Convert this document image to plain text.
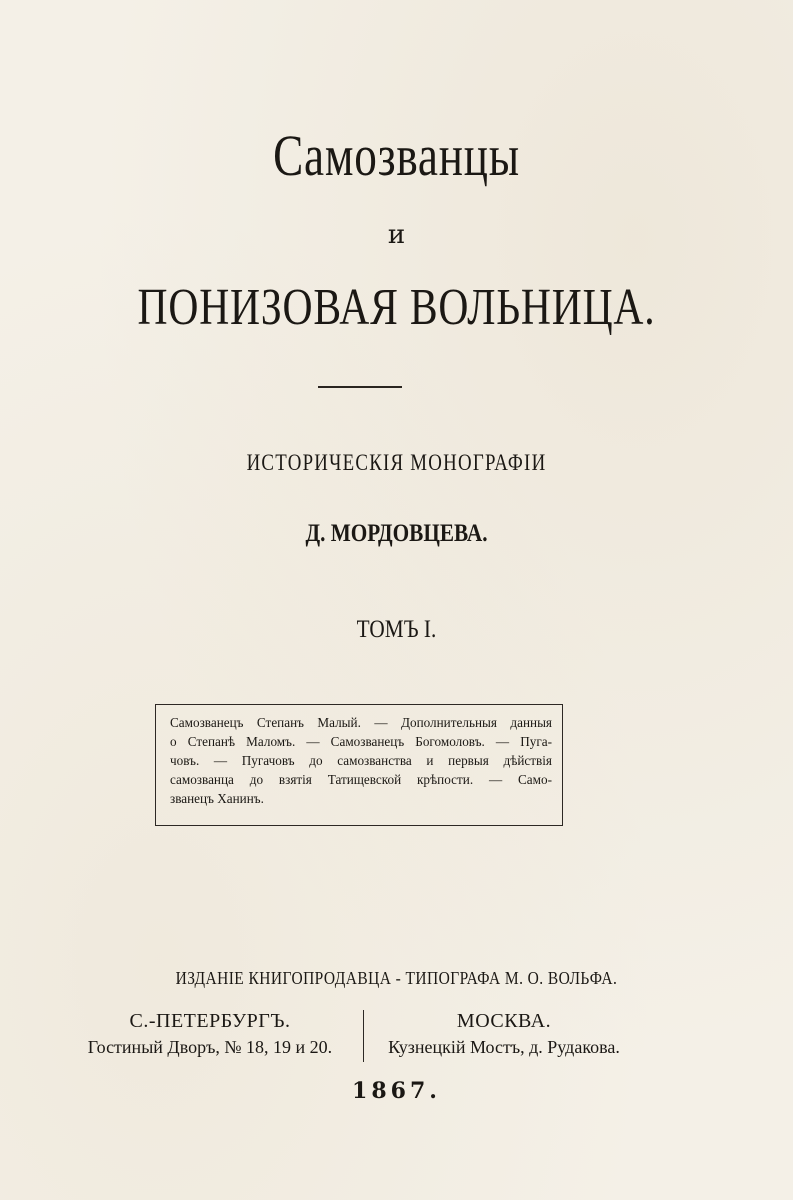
Самозванцы
и
ПОНИЗОВАЯ ВОЛЬНИЦА.
ИСТОРИЧЕСКІЯ МОНОГРАФІИ
Д. МОРДОВЦЕВА.
ТОМЪ I.
Самозванецъ Степанъ Малый. — Дополнительныя данныя
о Степанѣ Маломъ. — Самозванецъ Богомоловъ. — Пуга-
човъ. — Пугачовъ до самозванства и первыя дѣйствія
самозванца до взятія Татищевской крѣпости. — Само-
званецъ Ханинъ.
ИЗДАНІЕ КНИГОПРОДАВЦА - ТИПОГРАФА М. О. ВОЛЬФА.
С.-ПЕТЕРБУРГЪ.
Гостиный Дворъ, № 18, 19 и 20.
МОСКВА.
Кузнецкій Мостъ, д. Рудакова.
1867.
